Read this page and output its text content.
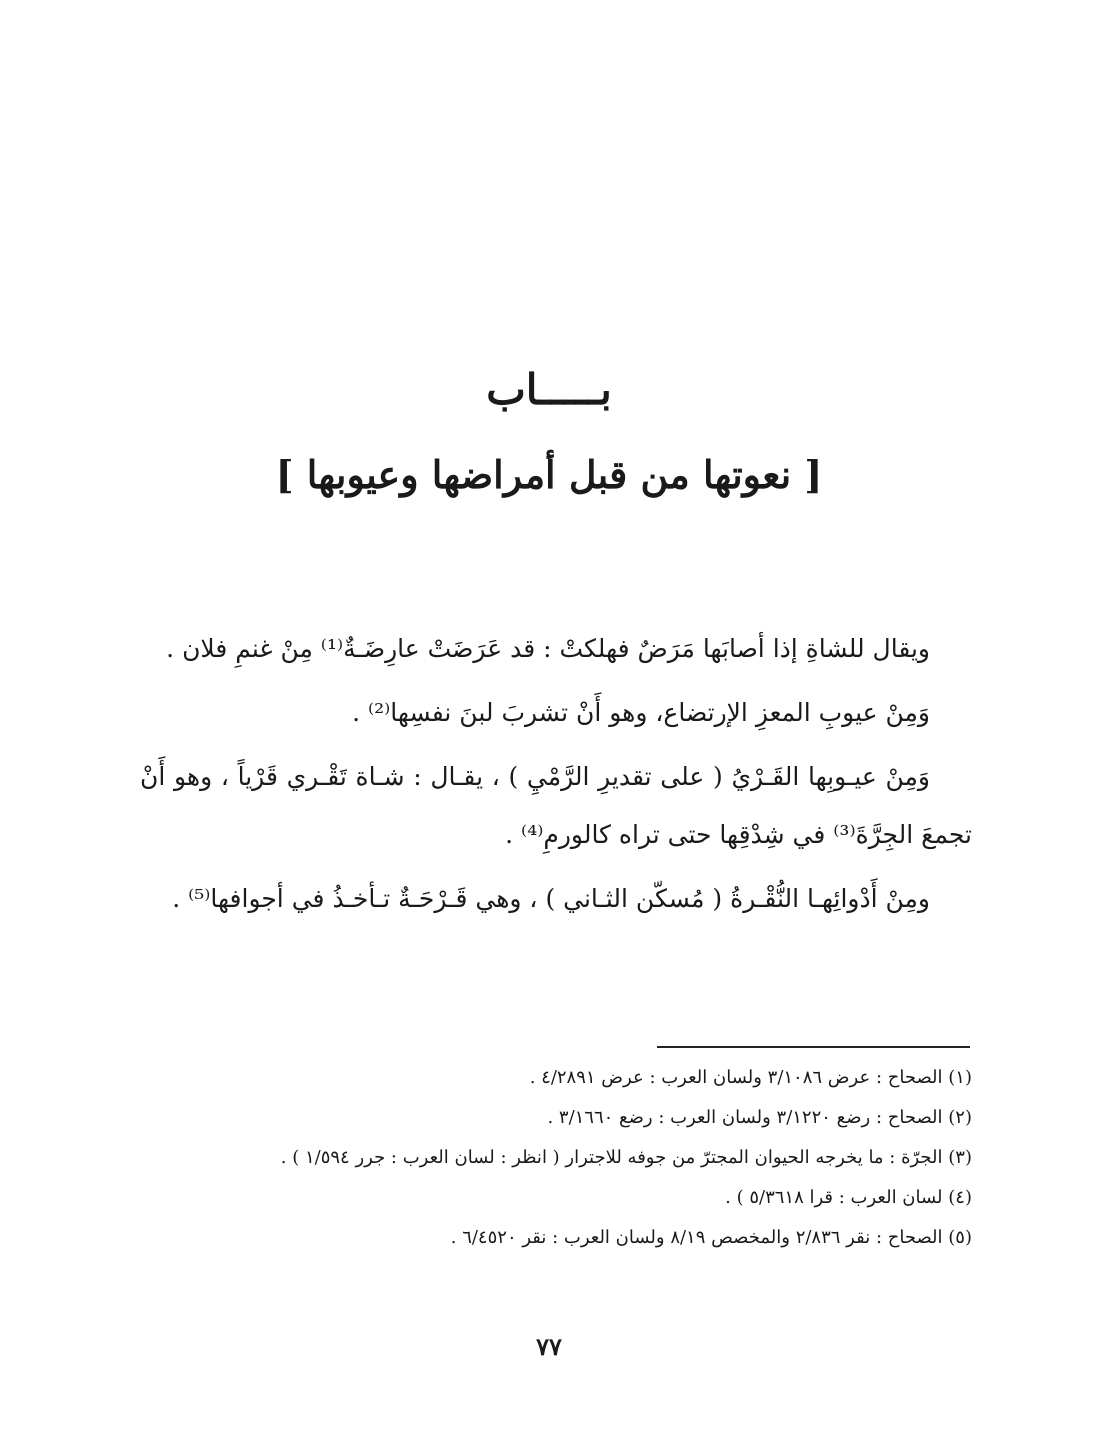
بـــــاب
[ نعوتها من قبل أمراضها وعيوبها ]

ويقال للشاةِ إذا أصابَها مَرَضٌ فهلكتْ : قد عَرَضَتْ عارِضَـةٌ⁽¹⁾ مِنْ غنمِ فلان .

وَمِنْ عيوبِ المعزِ الإرتضاع، وهو أَنْ تشربَ لبنَ نفسِها⁽²⁾ .

وَمِنْ عيـوبِها القَـرْيُ ( على تقديرِ الرَّمْيِ ) ، يقـال : شـاة تَقْـري قَرْياً ، وهو أَنْ تجمعَ الجِرَّةَ⁽³⁾ في شِدْقِها حتى تراه كالورمِ⁽⁴⁾ .

ومِنْ أَدْوائِهـا النُّقْـرةُ ( مُسكّن الثـاني ) ، وهي قَـرْحَـةٌ تـأخـذُ في أجوافها⁽⁵⁾ .

(١) الصحاح : عرض ٣/١٠٨٦ ولسان العرب : عرض ٤/٢٨٩١ .

(٢) الصحاح : رضع ٣/١٢٢٠ ولسان العرب : رضع ٣/١٦٦٠ .

(٣) الجرّة : ما يخرجه الحيوان المجترّ من جوفه للاجترار ( انظر : لسان العرب : جرر ١/٥٩٤ ) .

(٤) لسان العرب : قرا ٥/٣٦١٨ ) .

(٥) الصحاح : نقر ٢/٨٣٦ والمخصص ٨/١٩ ولسان العرب : نقر ٦/٤٥٢٠ .

٧٧
